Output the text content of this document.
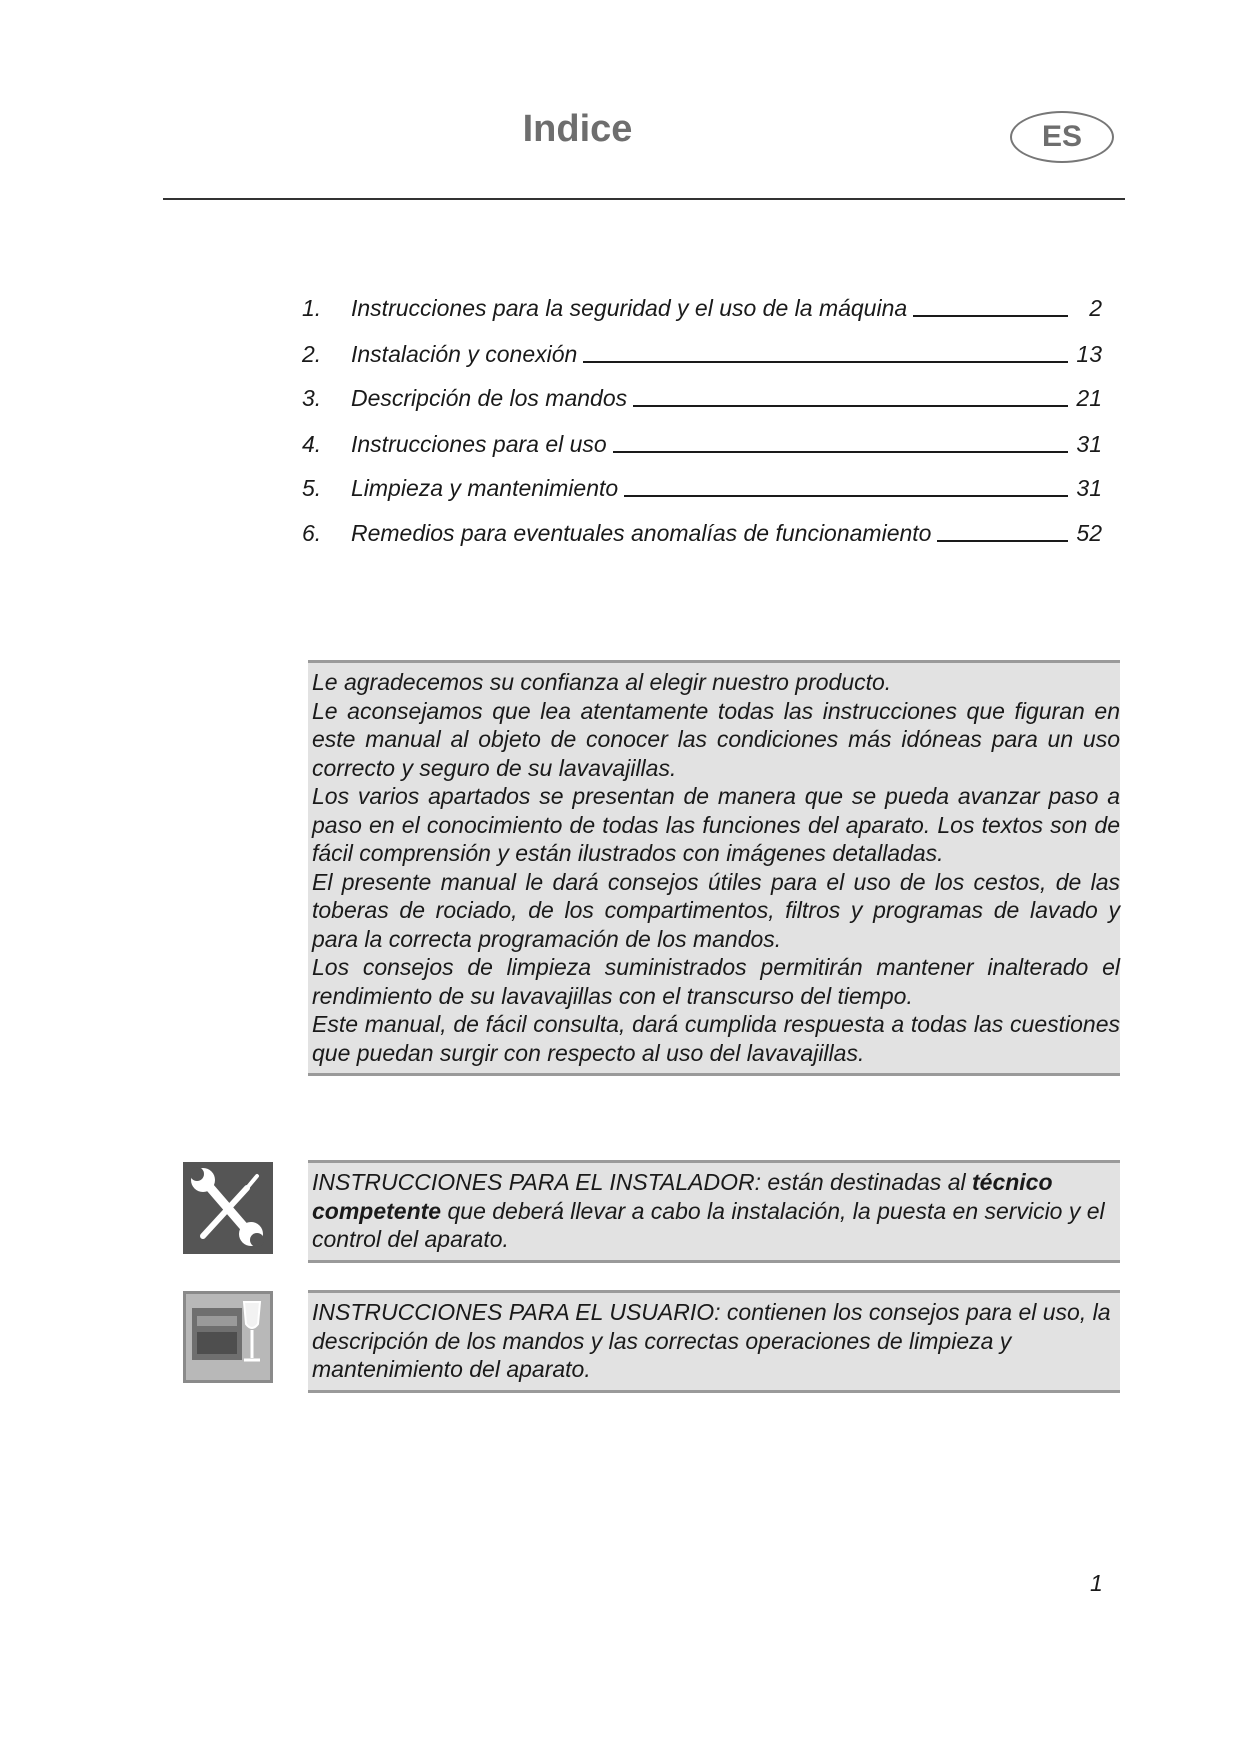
Indice	ES
1.	Instrucciones para la seguridad y el uso de la máquina	2
2.	Instalación y conexión	13
3.	Descripción de los mandos	21
4.	Instrucciones para el uso	31
5.	Limpieza y mantenimiento	31
6.	Remedios para eventuales anomalías de funcionamiento	52

Le agradecemos su confianza al elegir nuestro producto.

Le aconsejamos que lea atentamente todas las instrucciones que figuran en este manual al objeto de conocer las condiciones más idóneas para un uso correcto y seguro de su lavavajillas.

Los varios apartados se presentan de manera que se pueda avanzar paso a paso en el conocimiento de todas las funciones del aparato. Los textos son de fácil comprensión y están ilustrados con imágenes detalladas.

El presente manual le dará consejos útiles para el uso de los cestos, de las toberas de rociado, de los compartimentos, filtros y programas de lavado y para la correcta programación de los mandos.

Los consejos de limpieza suministrados permitirán mantener inalterado el rendimiento de su lavavajillas con el transcurso del tiempo.

Este manual, de fácil consulta, dará cumplida respuesta a todas las cuestiones que puedan surgir con respecto al uso del lavavajillas.

INSTRUCCIONES PARA EL INSTALADOR: están destinadas al técnico competente que deberá llevar a cabo la instalación, la puesta en servicio y el control del aparato.

INSTRUCCIONES PARA EL USUARIO: contienen los consejos para el uso, la descripción de los mandos y las correctas operaciones de limpieza y mantenimiento del aparato.

1
